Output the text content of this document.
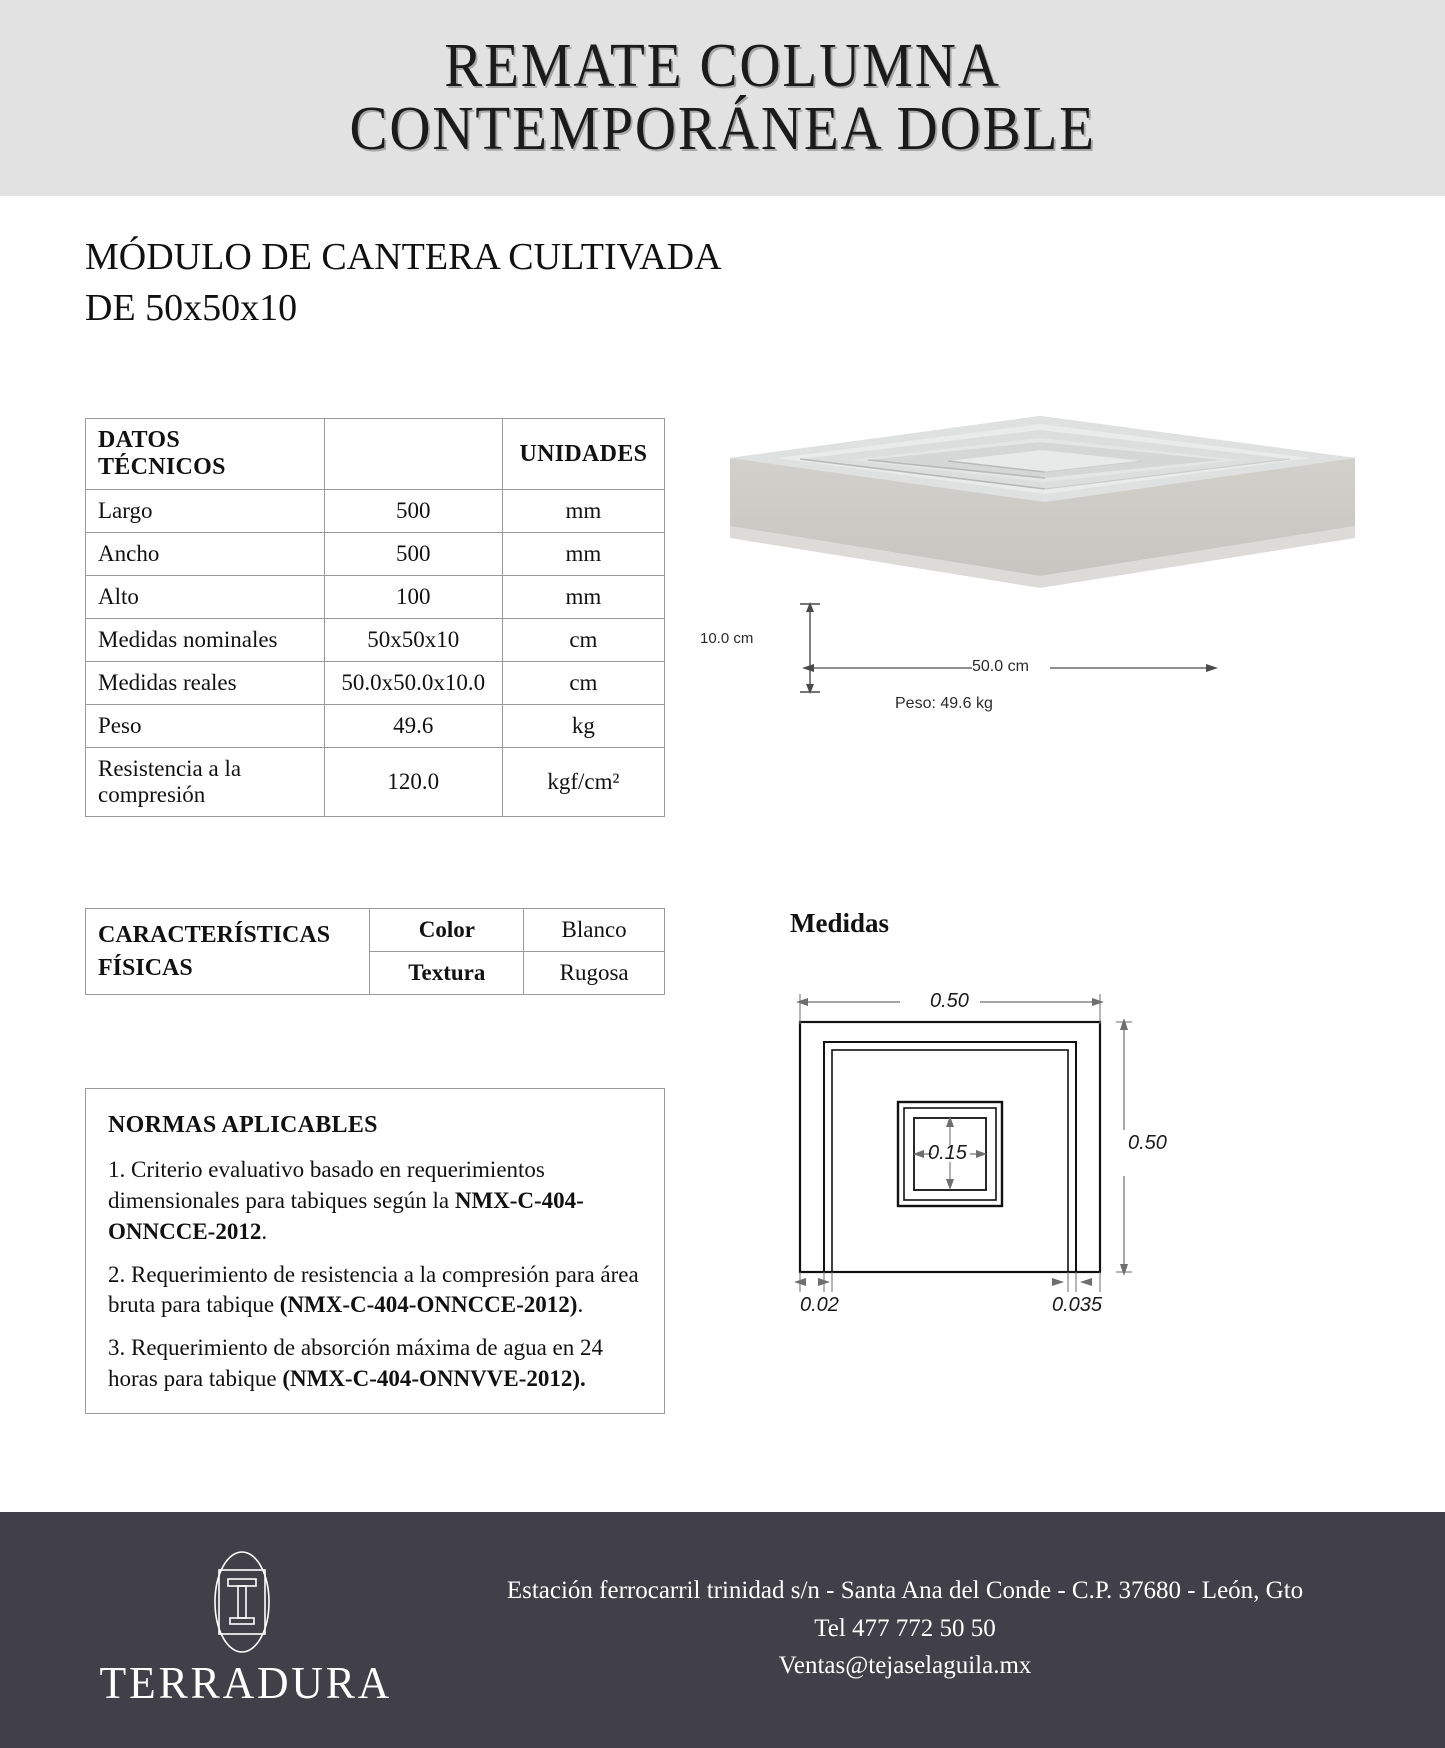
REMATE COLUMNA
CONTEMPORÁNEA DOBLE
MÓDULO DE CANTERA CULTIVADA
DE 50x50x10
DATOS TÉCNICOS		UNIDADES
Largo	500	mm
Ancho	500	mm
Alto	100	mm
Medidas nominales	50x50x10	cm
Medidas reales	50.0x50.0x10.0	cm
Peso	49.6	kg
Resistencia a la compresión	120.0	kgf/cm²
CARACTERÍSTICAS FÍSICAS	Color	Blanco
	Textura	Rugosa
NORMAS APLICABLES
1. Criterio evaluativo basado en requerimientos dimensionales para tabiques según la NMX-C-404-ONNCCE-2012.
2. Requerimiento de resistencia a la compresión para área bruta para tabique (NMX-C-404-ONNCCE-2012).
3. Requerimiento de absorción máxima de agua en 24 horas para tabique (NMX-C-404-ONNVVE-2012).
10.0 cm
50.0 cm
Peso: 49.6 kg
Medidas
0.50
0.50
0.15
0.02	0.035
TERRADURA
Estación ferrocarril trinidad s/n - Santa Ana del Conde - C.P. 37680 - León, Gto
Tel 477 772 50 50
Ventas@tejaselaguila.mx
